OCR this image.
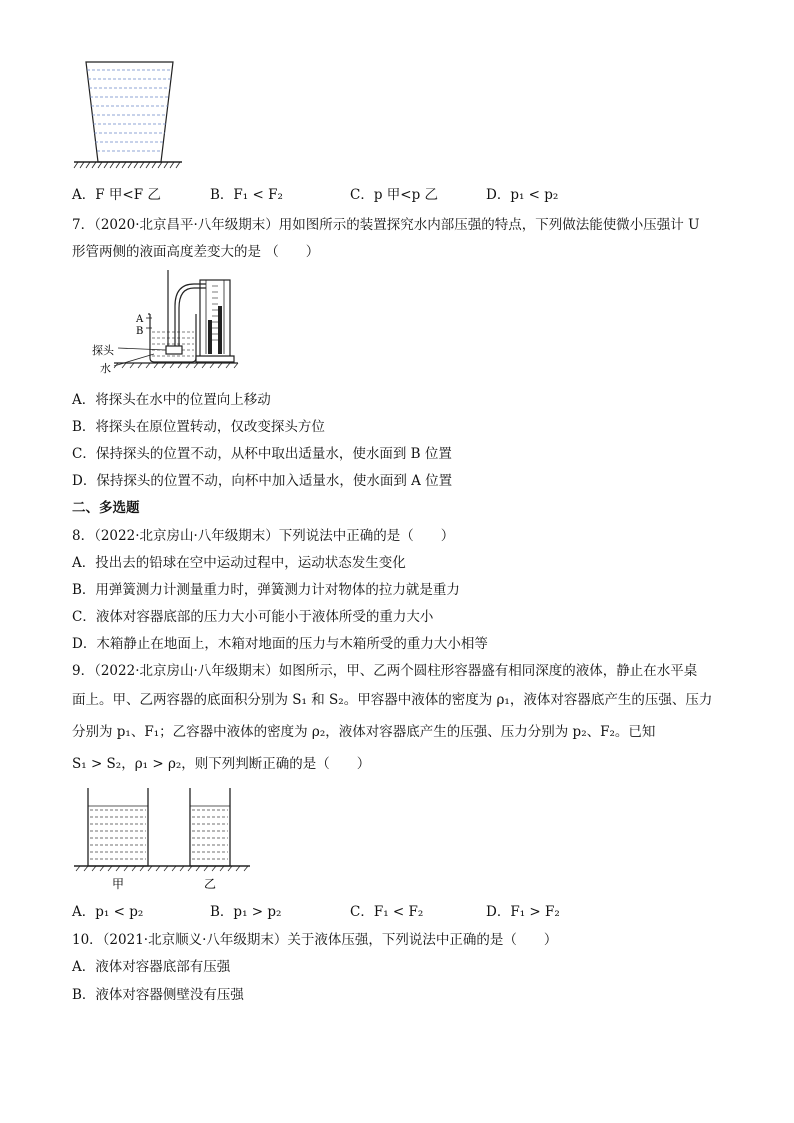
A．F 甲<F 乙	B．F₁ < F₂	C．p 甲<p 乙	D．p₁ < p₂
7．（2020·北京昌平·八年级期末）用如图所示的装置探究水内部压强的特点，下列做法能使微小压强计 U
形管两侧的液面高度差变大的是 （　　）
A
B
探头
水
A．将探头在水中的位置向上移动
B．将探头在原位置转动，仅改变探头方位
C．保持探头的位置不动，从杯中取出适量水，使水面到 B 位置
D．保持探头的位置不动，向杯中加入适量水，使水面到 A 位置
二、多选题
8．（2022·北京房山·八年级期末）下列说法中正确的是（　　）
A．投出去的铅球在空中运动过程中，运动状态发生变化
B．用弹簧测力计测量重力时，弹簧测力计对物体的拉力就是重力
C．液体对容器底部的压力大小可能小于液体所受的重力大小
D．木箱静止在地面上，木箱对地面的压力与木箱所受的重力大小相等
9．（2022·北京房山·八年级期末）如图所示，甲、乙两个圆柱形容器盛有相同深度的液体，静止在水平桌
面上。甲、乙两容器的底面积分别为 S₁ 和 S₂。甲容器中液体的密度为 ρ₁，液体对容器底产生的压强、压力
分别为 p₁、F₁；乙容器中液体的密度为 ρ₂，液体对容器底产生的压强、压力分别为 p₂、F₂。已知
S₁ > S₂，ρ₁ > ρ₂，则下列判断正确的是（　　）
甲	乙
A．p₁ < p₂	B．p₁ > p₂	C．F₁ < F₂	D．F₁ > F₂
10．（2021·北京顺义·八年级期末）关于液体压强，下列说法中正确的是（　　）
A．液体对容器底部有压强
B．液体对容器侧壁没有压强
